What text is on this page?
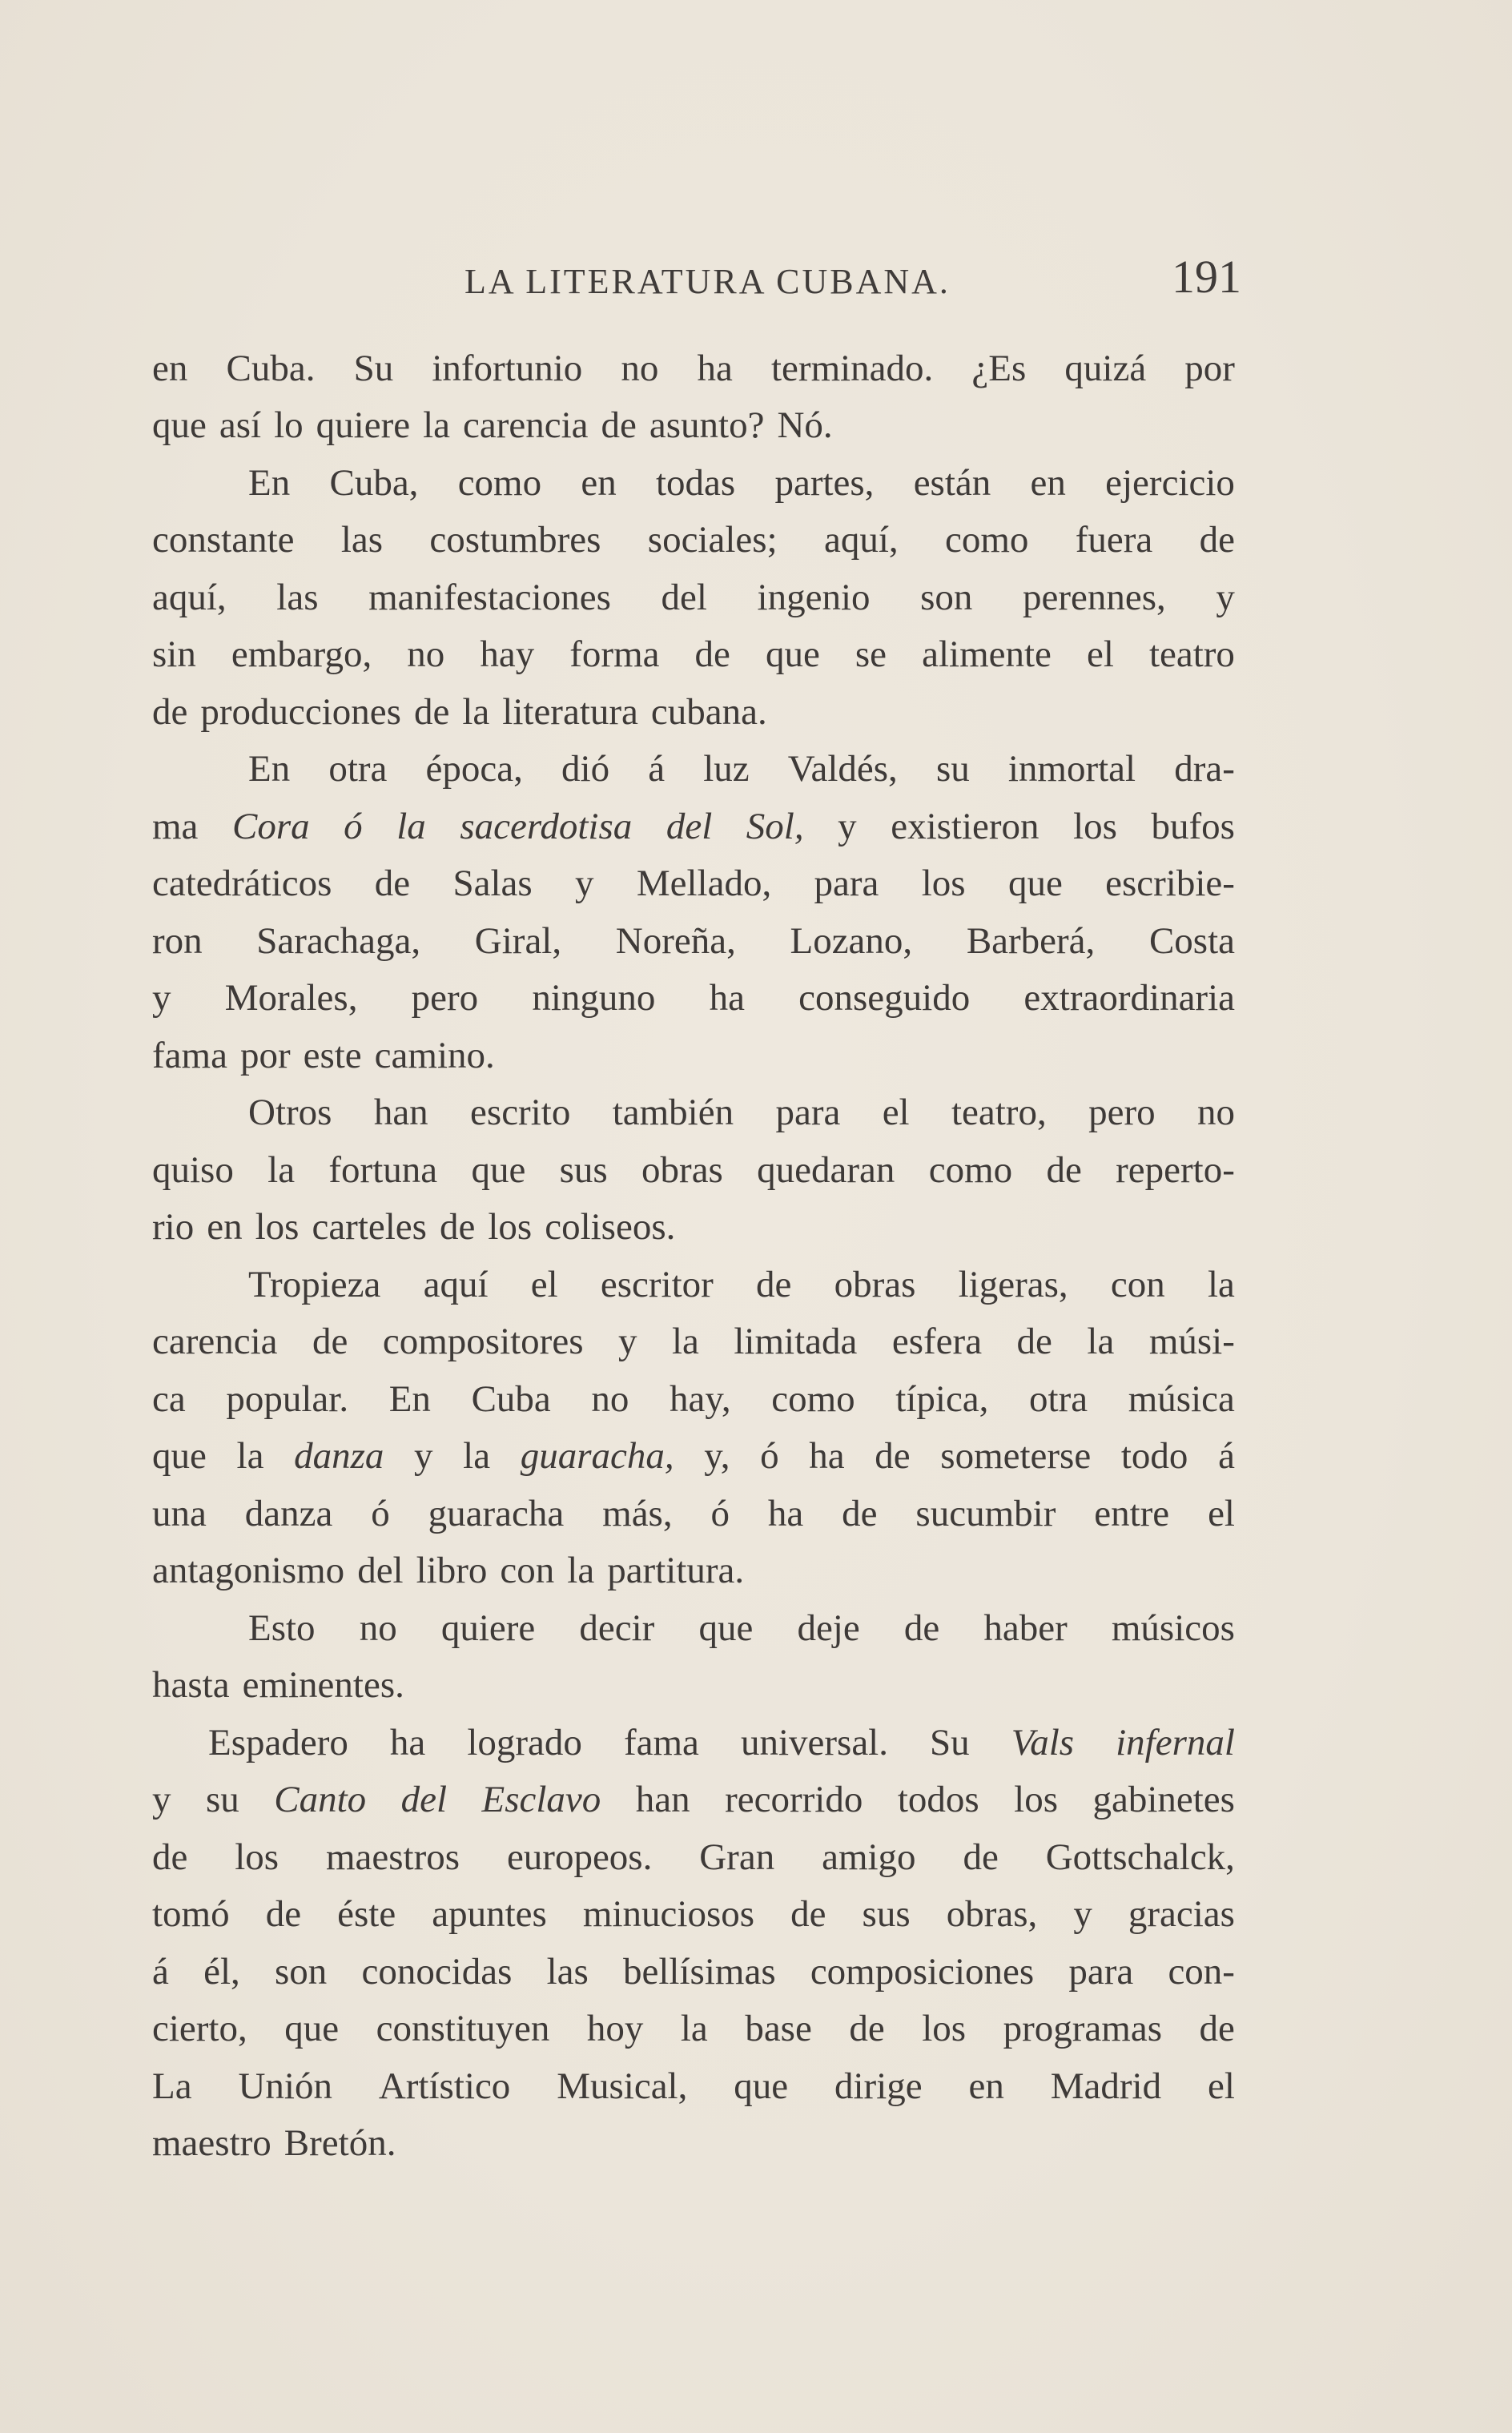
LA LITERATURA CUBANA.	191
en Cuba. Su infortunio no ha terminado. ¿Es quizá por
que así lo quiere la carencia de asunto? Nó.
En Cuba, como en todas partes, están en ejercicio
constante las costumbres sociales; aquí, como fuera de
aquí, las manifestaciones del ingenio son perennes, y
sin embargo, no hay forma de que se alimente el teatro
de producciones de la literatura cubana.
En otra época, dió á luz Valdés, su inmortal dra-
ma Cora ó la sacerdotisa del Sol, y existieron los bufos
catedráticos de Salas y Mellado, para los que escribie-
ron Sarachaga, Giral, Noreña, Lozano, Barberá, Costa
y Morales, pero ninguno ha conseguido extraordinaria
fama por este camino.
Otros han escrito también para el teatro, pero no
quiso la fortuna que sus obras quedaran como de reperto-
rio en los carteles de los coliseos.
Tropieza aquí el escritor de obras ligeras, con la
carencia de compositores y la limitada esfera de la músi-
ca popular. En Cuba no hay, como típica, otra música
que la danza y la guaracha, y, ó ha de someterse todo á
una danza ó guaracha más, ó ha de sucumbir entre el
antagonismo del libro con la partitura.
Esto no quiere decir que deje de haber músicos
hasta eminentes.
Espadero ha logrado fama universal. Su Vals infernal
y su Canto del Esclavo han recorrido todos los gabinetes
de los maestros europeos. Gran amigo de Gottschalck,
tomó de éste apuntes minuciosos de sus obras, y gracias
á él, son conocidas las bellísimas composiciones para con-
cierto, que constituyen hoy la base de los programas de
La Unión Artístico Musical, que dirige en Madrid el
maestro Bretón.
